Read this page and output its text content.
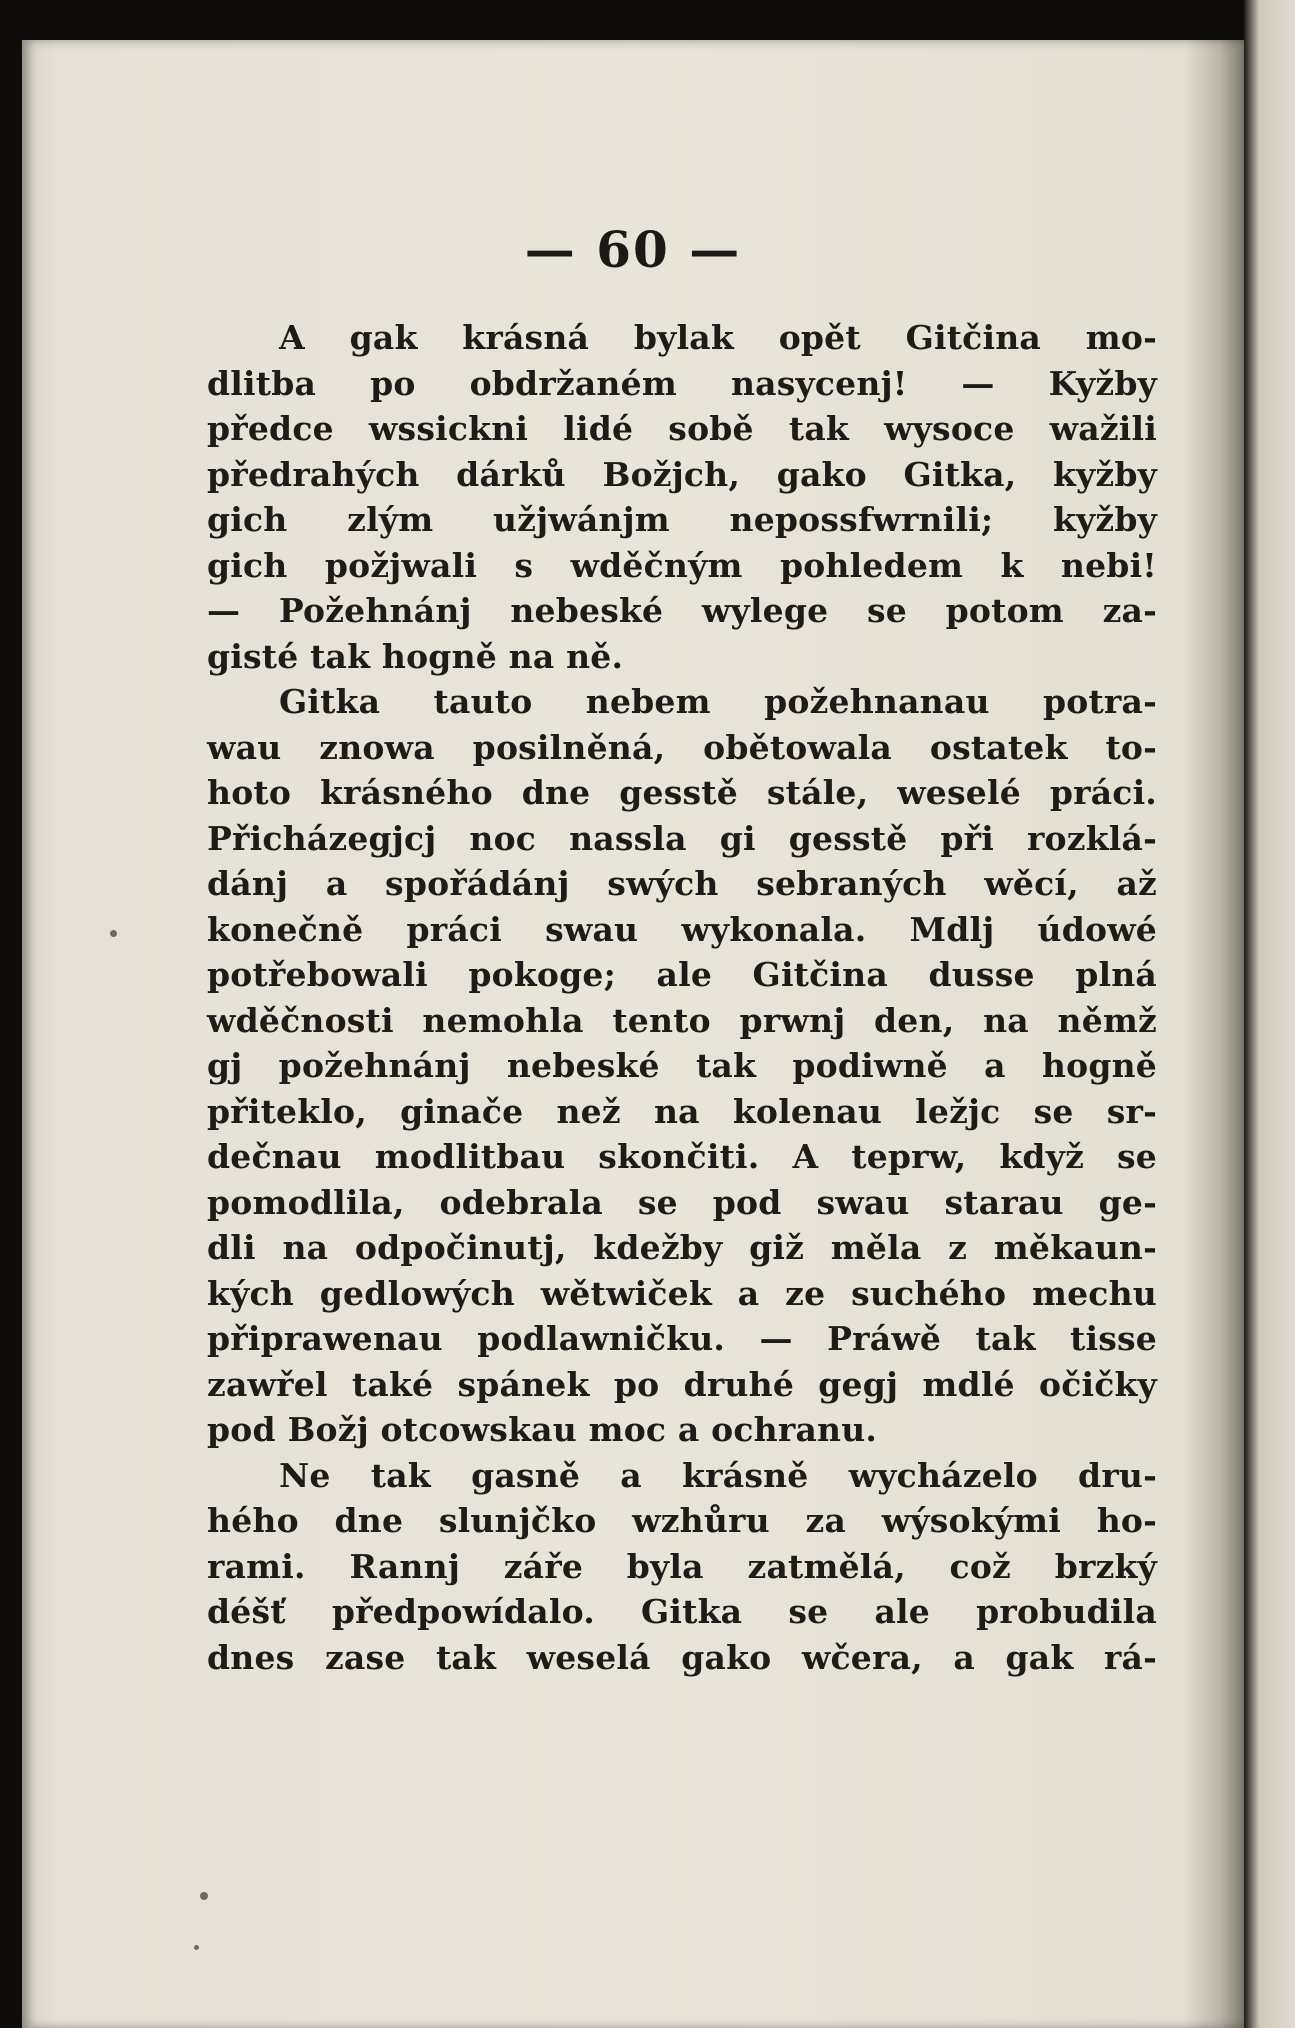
— 60 —
A gak krásná bylak opět Gitčina mo-
dlitba po obdržaném nasycenj! — Kyžby
předce wssickni lidé sobě tak wysoce wažili
předrahých dárků Božjch, gako Gitka, kyžby
gich zlým užjwánjm nepossfwrnili; kyžby
gich požjwali s wděčným pohledem k nebi!
— Požehnánj nebeské wylege se potom za-
gisté tak hogně na ně.
Gitka tauto nebem požehnanau potra-
wau znowa posilněná, obětowala ostatek to-
hoto krásného dne gesstě stále, weselé práci.
Přicházegjcj noc nassla gi gesstě při rozklá-
dánj a spořádánj swých sebraných wěcí, až
konečně práci swau wykonala. Mdlj údowé
potřebowali pokoge; ale Gitčina dusse plná
wděčnosti nemohla tento prwnj den, na němž
gj požehnánj nebeské tak podiwně a hogně
přiteklo, ginače než na kolenau ležjc se sr-
dečnau modlitbau skončiti. A teprw, když se
pomodlila, odebrala se pod swau starau ge-
dli na odpočinutj, kdežby giž měla z měkaun-
kých gedlowých wětwiček a ze suchého mechu
připrawenau podlawničku. — Práwě tak tisse
zawřel také spánek po druhé gegj mdlé očičky
pod Božj otcowskau moc a ochranu.
Ne tak gasně a krásně wycházelo dru-
hého dne slunjčko wzhůru za wýsokými ho-
rami. Rannj záře byla zatmělá, což brzký
déšť předpowídalo. Gitka se ale probudila
dnes zase tak weselá gako wčera, a gak rá-
